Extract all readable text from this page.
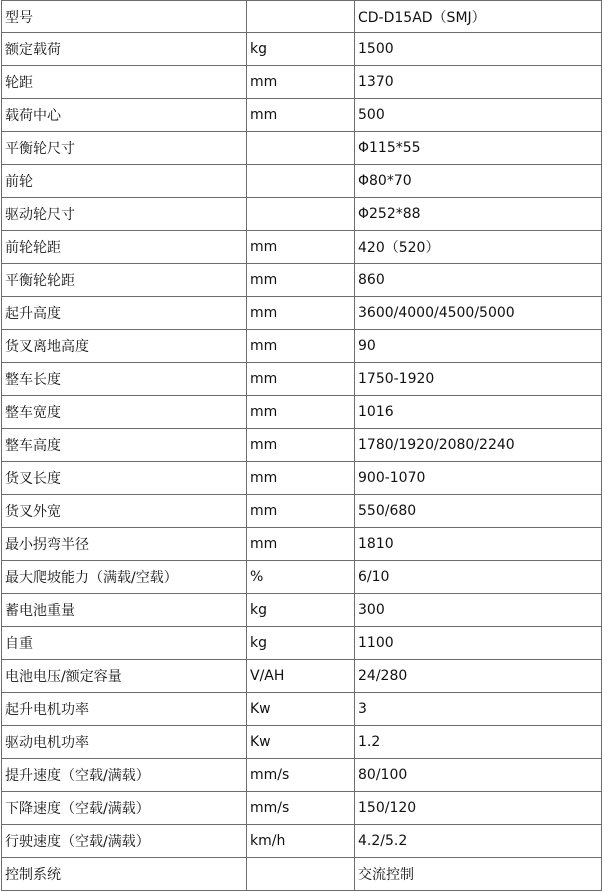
型号		CD-D15AD（SMJ）
额定载荷	kg	1500
轮距	mm	1370
载荷中心	mm	500
平衡轮尺寸		Φ115*55
前轮		Φ80*70
驱动轮尺寸		Φ252*88
前轮轮距	mm	420（520）
平衡轮轮距	mm	860
起升高度	mm	3600/4000/4500/5000
货叉离地高度	mm	90
整车长度	mm	1750-1920
整车宽度	mm	1016
整车高度	mm	1780/1920/2080/2240
货叉长度	mm	900-1070
货叉外宽	mm	550/680
最小拐弯半径	mm	1810
最大爬坡能力（满载/空载）	%	6/10
蓄电池重量	kg	300
自重	kg	1100
电池电压/额定容量	V/AH	24/280
起升电机功率	Kw	3
驱动电机功率	Kw	1.2
提升速度（空载/满载）	mm/s	80/100
下降速度（空载/满载）	mm/s	150/120
行驶速度（空载/满载）	km/h	4.2/5.2
控制系统		交流控制
